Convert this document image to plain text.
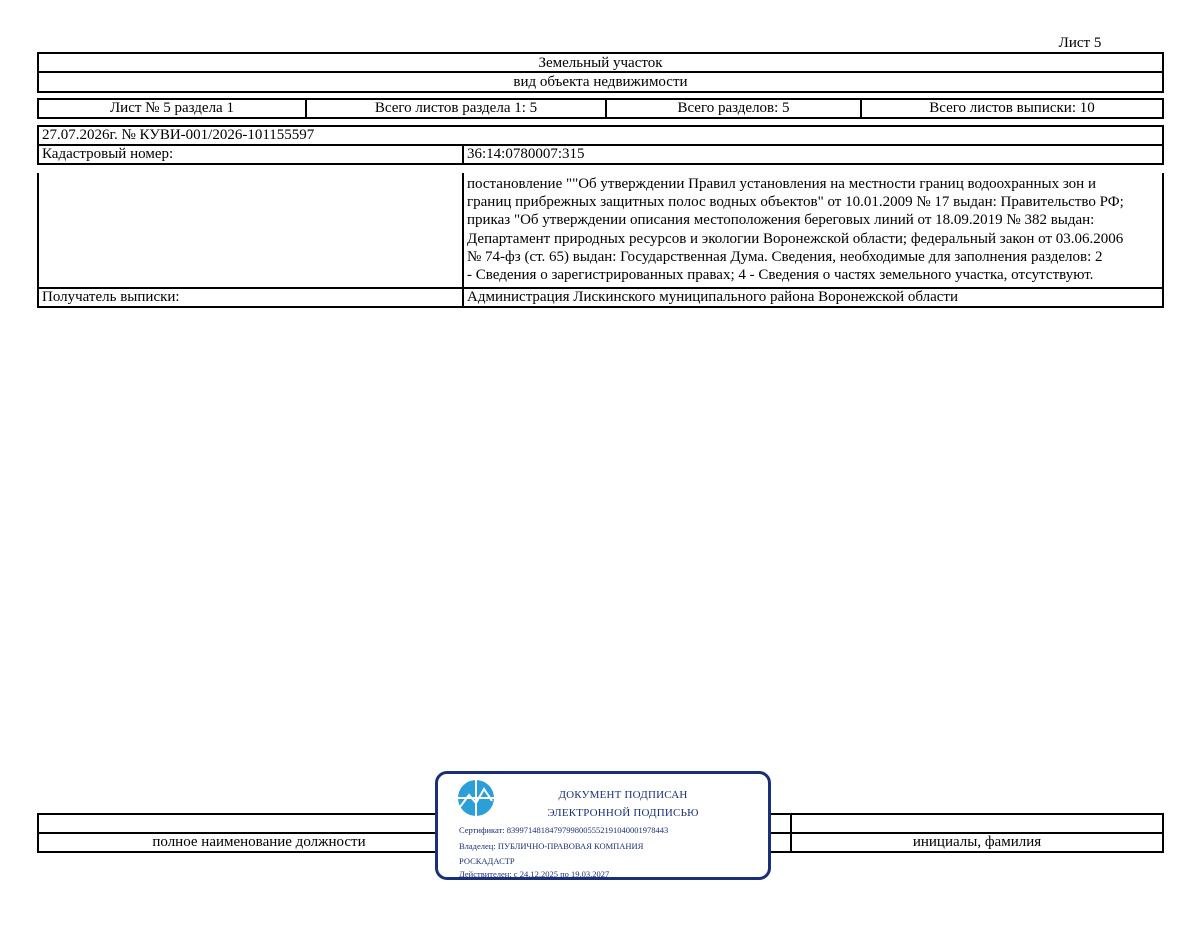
Лист 5
Земельный участок
вид объекта недвижимости
Лист № 5 раздела 1	Всего листов раздела 1: 5	Всего разделов: 5	Всего листов выписки: 10
27.07.2026г. № КУВИ-001/2026-101155597
Кадастровый номер:	36:14:0780007:315
постановление ""Об утверждении Правил установления на местности границ водоохранных зон и
границ прибрежных защитных полос водных объектов" от 10.01.2009 № 17 выдан: Правительство РФ;
приказ "Об утверждении описания местоположения береговых линий от 18.09.2019 № 382 выдан:
Департамент природных ресурсов и экологии Воронежской области; федеральный закон от 03.06.2006
№ 74-фз (ст. 65) выдан: Государственная Дума. Сведения, необходимые для заполнения разделов: 2
- Сведения о зарегистрированных правах; 4 - Сведения о частях земельного участка, отсутствуют.
Получатель выписки:	Администрация Лискинского муниципального района Воронежской области
полное наименование должности	инициалы, фамилия
ДОКУМЕНТ ПОДПИСАН
ЭЛЕКТРОННОЙ ПОДПИСЬЮ
Сертификат: 83997148184797998005552191040001978443
Владелец: ПУБЛИЧНО-ПРАВОВАЯ КОМПАНИЯ
РОСКАДАСТР
Действителен: с 24.12.2025 по 19.03.2027
